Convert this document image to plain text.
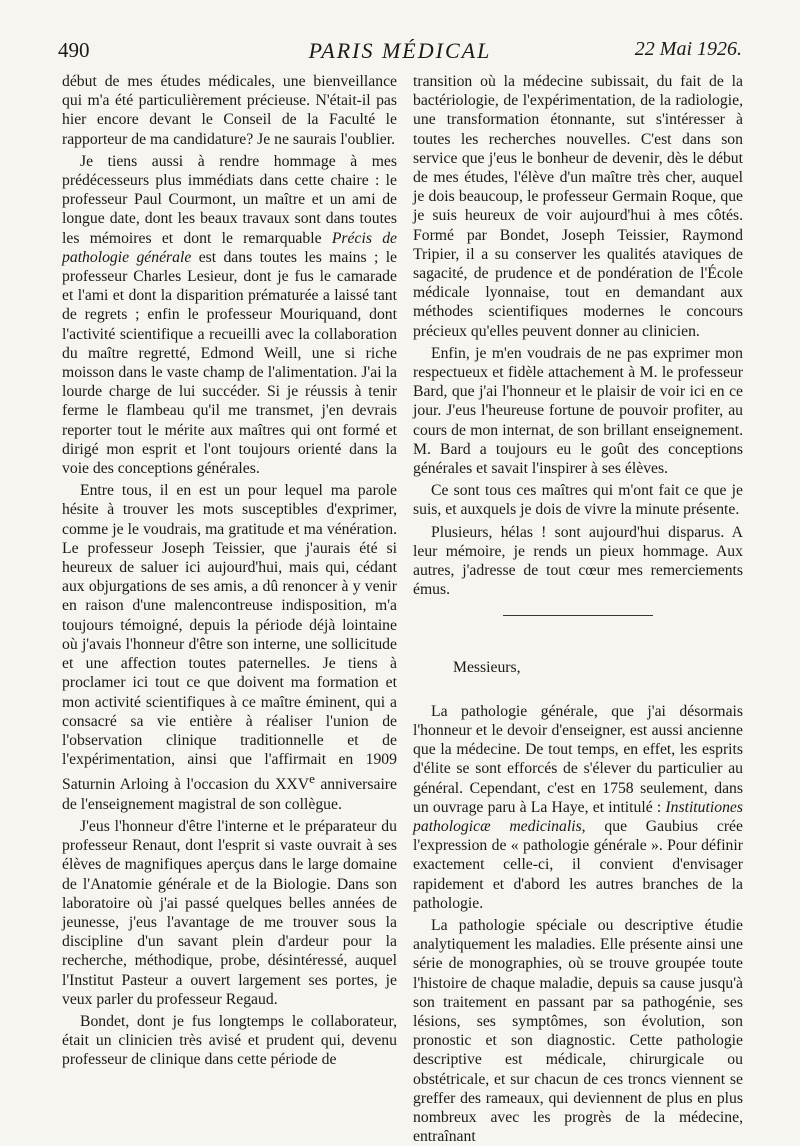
490	PARIS MÉDICAL	22 Mai 1926.

début de mes études médicales, une bienveillance qui m'a été particulièrement précieuse. N'était-il pas hier encore devant le Conseil de la Faculté le rapporteur de ma candidature? Je ne saurais l'oublier.

Je tiens aussi à rendre hommage à mes prédécesseurs plus immédiats dans cette chaire : le professeur Paul Courmont, un maître et un ami de longue date, dont les beaux travaux sont dans toutes les mémoires et dont le remarquable Précis de pathologie générale est dans toutes les mains ; le professeur Charles Lesieur, dont je fus le camarade et l'ami et dont la disparition prématurée a laissé tant de regrets ; enfin le professeur Mouriquand, dont l'activité scientifique a recueilli avec la collaboration du maître regretté, Edmond Weill, une si riche moisson dans le vaste champ de l'alimentation. J'ai la lourde charge de lui succéder. Si je réussis à tenir ferme le flambeau qu'il me transmet, j'en devrais reporter tout le mérite aux maîtres qui ont formé et dirigé mon esprit et l'ont toujours orienté dans la voie des conceptions générales.

Entre tous, il en est un pour lequel ma parole hésite à trouver les mots susceptibles d'exprimer, comme je le voudrais, ma gratitude et ma vénération. Le professeur Joseph Teissier, que j'aurais été si heureux de saluer ici aujourd'hui, mais qui, cédant aux objurgations de ses amis, a dû renoncer à y venir en raison d'une malencontreuse indisposition, m'a toujours témoigné, depuis la période déjà lointaine où j'avais l'honneur d'être son interne, une sollicitude et une affection toutes paternelles. Je tiens à proclamer ici tout ce que doivent ma formation et mon activité scientifiques à ce maître éminent, qui a consacré sa vie entière à réaliser l'union de l'observation clinique traditionnelle et de l'expérimentation, ainsi que l'affirmait en 1909 Saturnin Arloing à l'occasion du XXVe anniversaire de l'enseignement magistral de son collègue.

J'eus l'honneur d'être l'interne et le préparateur du professeur Renaut, dont l'esprit si vaste ouvrait à ses élèves de magnifiques aperçus dans le large domaine de l'Anatomie générale et de la Biologie. Dans son laboratoire où j'ai passé quelques belles années de jeunesse, j'eus l'avantage de me trouver sous la discipline d'un savant plein d'ardeur pour la recherche, méthodique, probe, désintéressé, auquel l'Institut Pasteur a ouvert largement ses portes, je veux parler du professeur Regaud.

Bondet, dont je fus longtemps le collaborateur, était un clinicien très avisé et prudent qui, devenu professeur de clinique dans cette période de

transition où la médecine subissait, du fait de la bactériologie, de l'expérimentation, de la radiologie, une transformation étonnante, sut s'intéresser à toutes les recherches nouvelles. C'est dans son service que j'eus le bonheur de devenir, dès le début de mes études, l'élève d'un maître très cher, auquel je dois beaucoup, le professeur Germain Roque, que je suis heureux de voir aujourd'hui à mes côtés. Formé par Bondet, Joseph Teissier, Raymond Tripier, il a su conserver les qualités ataviques de sagacité, de prudence et de pondération de l'École médicale lyonnaise, tout en demandant aux méthodes scientifiques modernes le concours précieux qu'elles peuvent donner au clinicien.

Enfin, je m'en voudrais de ne pas exprimer mon respectueux et fidèle attachement à M. le professeur Bard, que j'ai l'honneur et le plaisir de voir ici en ce jour. J'eus l'heureuse fortune de pouvoir profiter, au cours de mon internat, de son brillant enseignement. M. Bard a toujours eu le goût des conceptions générales et savait l'inspirer à ses élèves.

Ce sont tous ces maîtres qui m'ont fait ce que je suis, et auxquels je dois de vivre la minute présente.

Plusieurs, hélas ! sont aujourd'hui disparus. A leur mémoire, je rends un pieux hommage. Aux autres, j'adresse de tout cœur mes remerciements émus.

Messieurs,

La pathologie générale, que j'ai désormais l'honneur et le devoir d'enseigner, est aussi ancienne que la médecine. De tout temps, en effet, les esprits d'élite se sont efforcés de s'élever du particulier au général. Cependant, c'est en 1758 seulement, dans un ouvrage paru à La Haye, et intitulé : Institutiones pathologicæ medicinalis, que Gaubius crée l'expression de « pathologie générale ». Pour définir exactement celle-ci, il convient d'envisager rapidement et d'abord les autres branches de la pathologie.

La pathologie spéciale ou descriptive étudie analytiquement les maladies. Elle présente ainsi une série de monographies, où se trouve groupée toute l'histoire de chaque maladie, depuis sa cause jusqu'à son traitement en passant par sa pathogénie, ses lésions, ses symptômes, son évolution, son pronostic et son diagnostic. Cette pathologie descriptive est médicale, chirurgicale ou obstétricale, et sur chacun de ces troncs viennent se greffer des rameaux, qui deviennent de plus en plus nombreux avec les progrès de la médecine, entraînant
